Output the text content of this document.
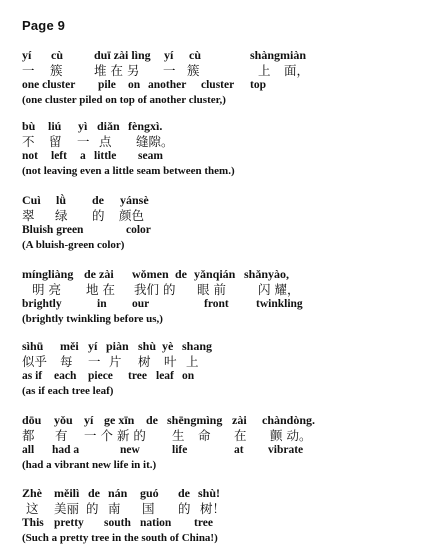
Page 9
yí cù	duī zài lìng yí cù	shàngmiàn
一 簇	堆 在 另 一 簇	上 面，
one cluster pile on another cluster top
(one cluster piled on top of another cluster,)
bù liú yì diǎn fèngxì.
不 留 一 点 缝隙。
not left a little seam
(not leaving even a little seam between them.)
Cuì lǜ de yánsè
翠 绿 的 颜色
Bluish green	color
(A bluish-green color)
míngliàng de zài wǒmen de yǎnqián shǎnyào,
明 亮 地 在 我们 的 眼 前	闪 耀，
brightly	in our	front twinkling
(brightly twinkling before us,)
sìhū měi yí piàn shù yè shang
似乎 每 一 片 树 叶 上
as if each piece tree leaf on
(as if each tree leaf)
dōu yǒu yí ge xīn de shēngmìng zài chàndòng.
都 有 一 个 新 的 生 命 在 颤 动。
all had a	new	life	at vibrate
(had a vibrant new life in it.)
Zhè měilì de nán guó de shù!
这 美丽 的 南 国 的 树！
This pretty south nation tree
(Such a pretty tree in the south of China!)
